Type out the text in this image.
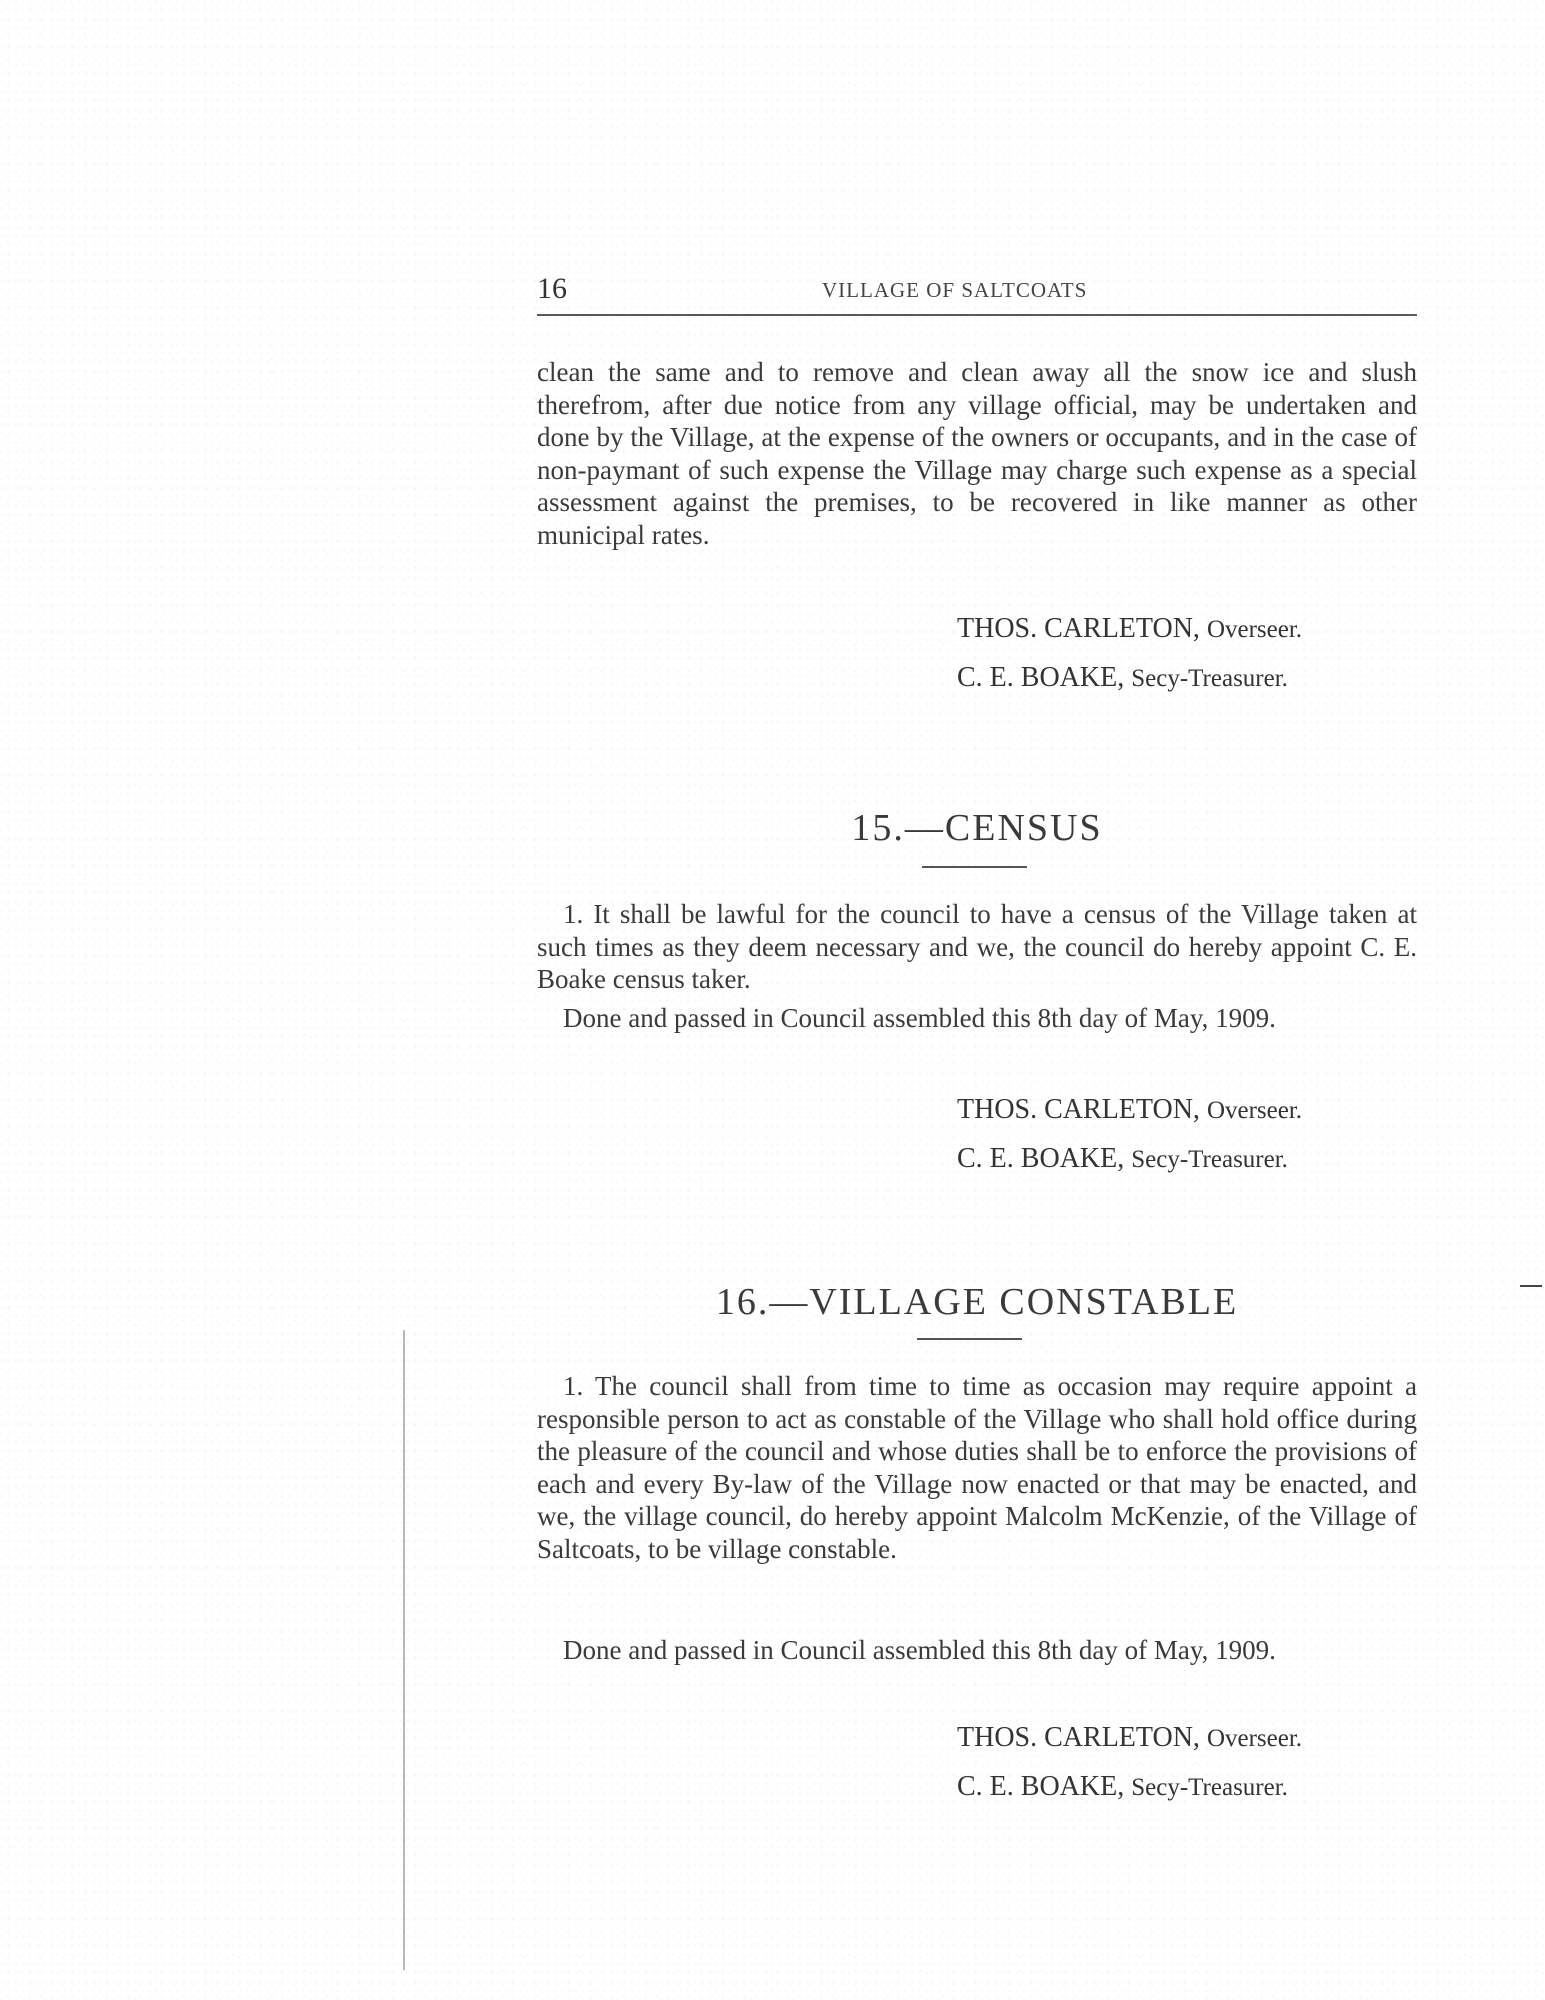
16	VILLAGE OF SALTCOATS

clean the same and to remove and clean away all the snow ice and slush therefrom, after due notice from any village official, may be undertaken and done by the Village, at the expense of the owners or occupants, and in the case of non-paymant of such expense the Village may charge such expense as a special assessment against the premises, to be recovered in like manner as other municipal rates.

THOS. CARLETON, Overseer.
C. E. BOAKE, Secy-Treasurer.
15.—CENSUS

1. It shall be lawful for the council to have a census of the Village taken at such times as they deem necessary and we, the council do hereby appoint C. E. Boake census taker.

Done and passed in Council assembled this 8th day of May, 1909.

THOS. CARLETON, Overseer.
C. E. BOAKE, Secy-Treasurer.
16.—VILLAGE CONSTABLE

1. The council shall from time to time as occasion may require appoint a responsible person to act as constable of the Village who shall hold office during the pleasure of the council and whose duties shall be to enforce the provisions of each and every By-law of the Village now enacted or that may be enacted, and we, the village council, do hereby appoint Malcolm McKenzie, of the Village of Saltcoats, to be village constable.

Done and passed in Council assembled this 8th day of May, 1909.

THOS. CARLETON, Overseer.
C. E. BOAKE, Secy-Treasurer.
